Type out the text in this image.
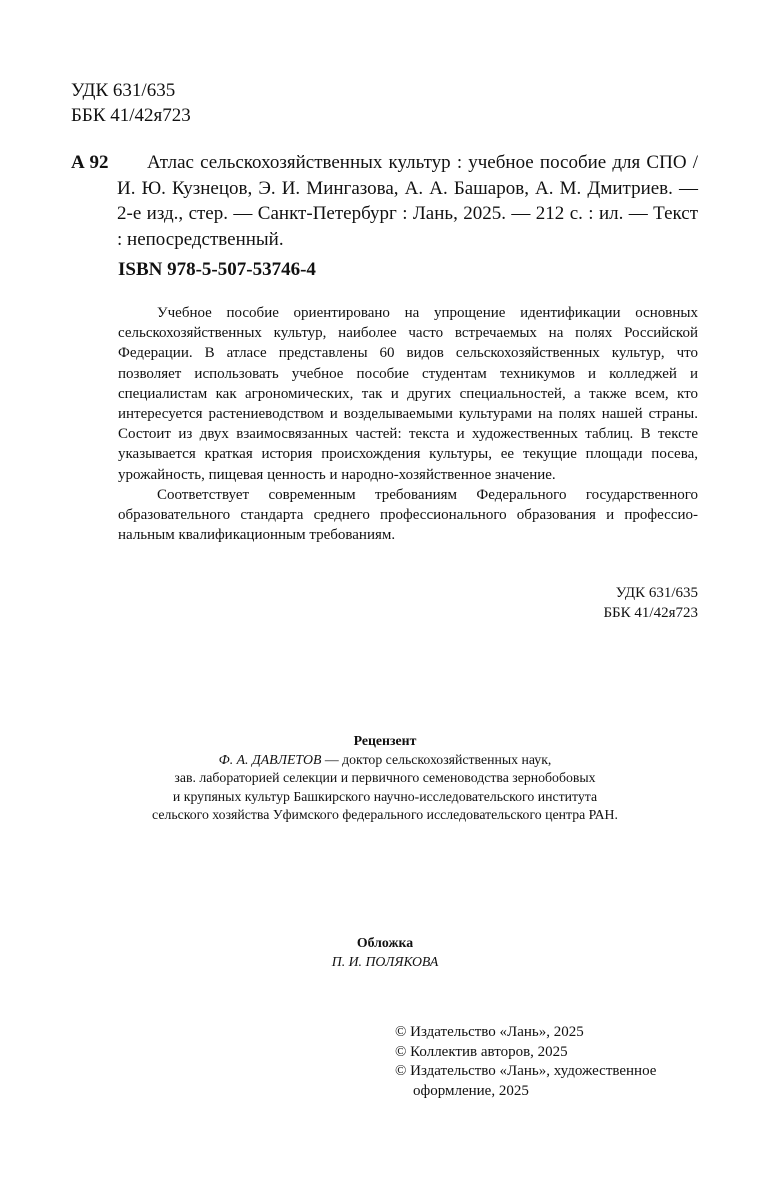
УДК 631/635
ББК 41/42я723
А 92	Атлас сельскохозяйственных культур : учебное пособие для СПО / И. Ю. Кузнецов, Э. И. Мингазова, А. А. Башаров, А. М. Дмитриев. — 2-е изд., стер. — Санкт-Петербург : Лань, 2025. — 212 с. : ил. — Текст : непосредственный.
ISBN 978-5-507-53746-4

Учебное пособие ориентировано на упрощение идентификации основных сельскохозяйственных культур, наиболее часто встречаемых на полях Российской Федерации. В атласе представлены 60 видов сельскохозяйственных культур, что позволяет использовать учебное пособие студентам техникумов и колледжей и специалистам как агрономических, так и других специальностей, а также всем, кто интересуется растениеводством и возделываемыми культурами на полях нашей страны. Состоит из двух взаимосвязанных частей: текста и художественных таблиц. В тексте указывается краткая история происхождения культуры, ее текущие площади посева, урожайность, пищевая ценность и народно-хозяйственное значение.

Соответствует современным требованиям Федерального государственного образовательного стандарта среднего профессионального образования и профессиональным квалификационным требованиям.

УДК 631/635
ББК 41/42я723
Рецензент
Ф. А. ДАВЛЕТОВ — доктор сельскохозяйственных наук,
зав. лабораторией селекции и первичного семеноводства зернобобовых
и крупяных культур Башкирского научно-исследовательского института
сельского хозяйства Уфимского федерального исследовательского центра РАН.
Обложка
П. И. ПОЛЯКОВА
© Издательство «Лань», 2025
© Коллектив авторов, 2025
© Издательство «Лань», художественное
оформление, 2025
